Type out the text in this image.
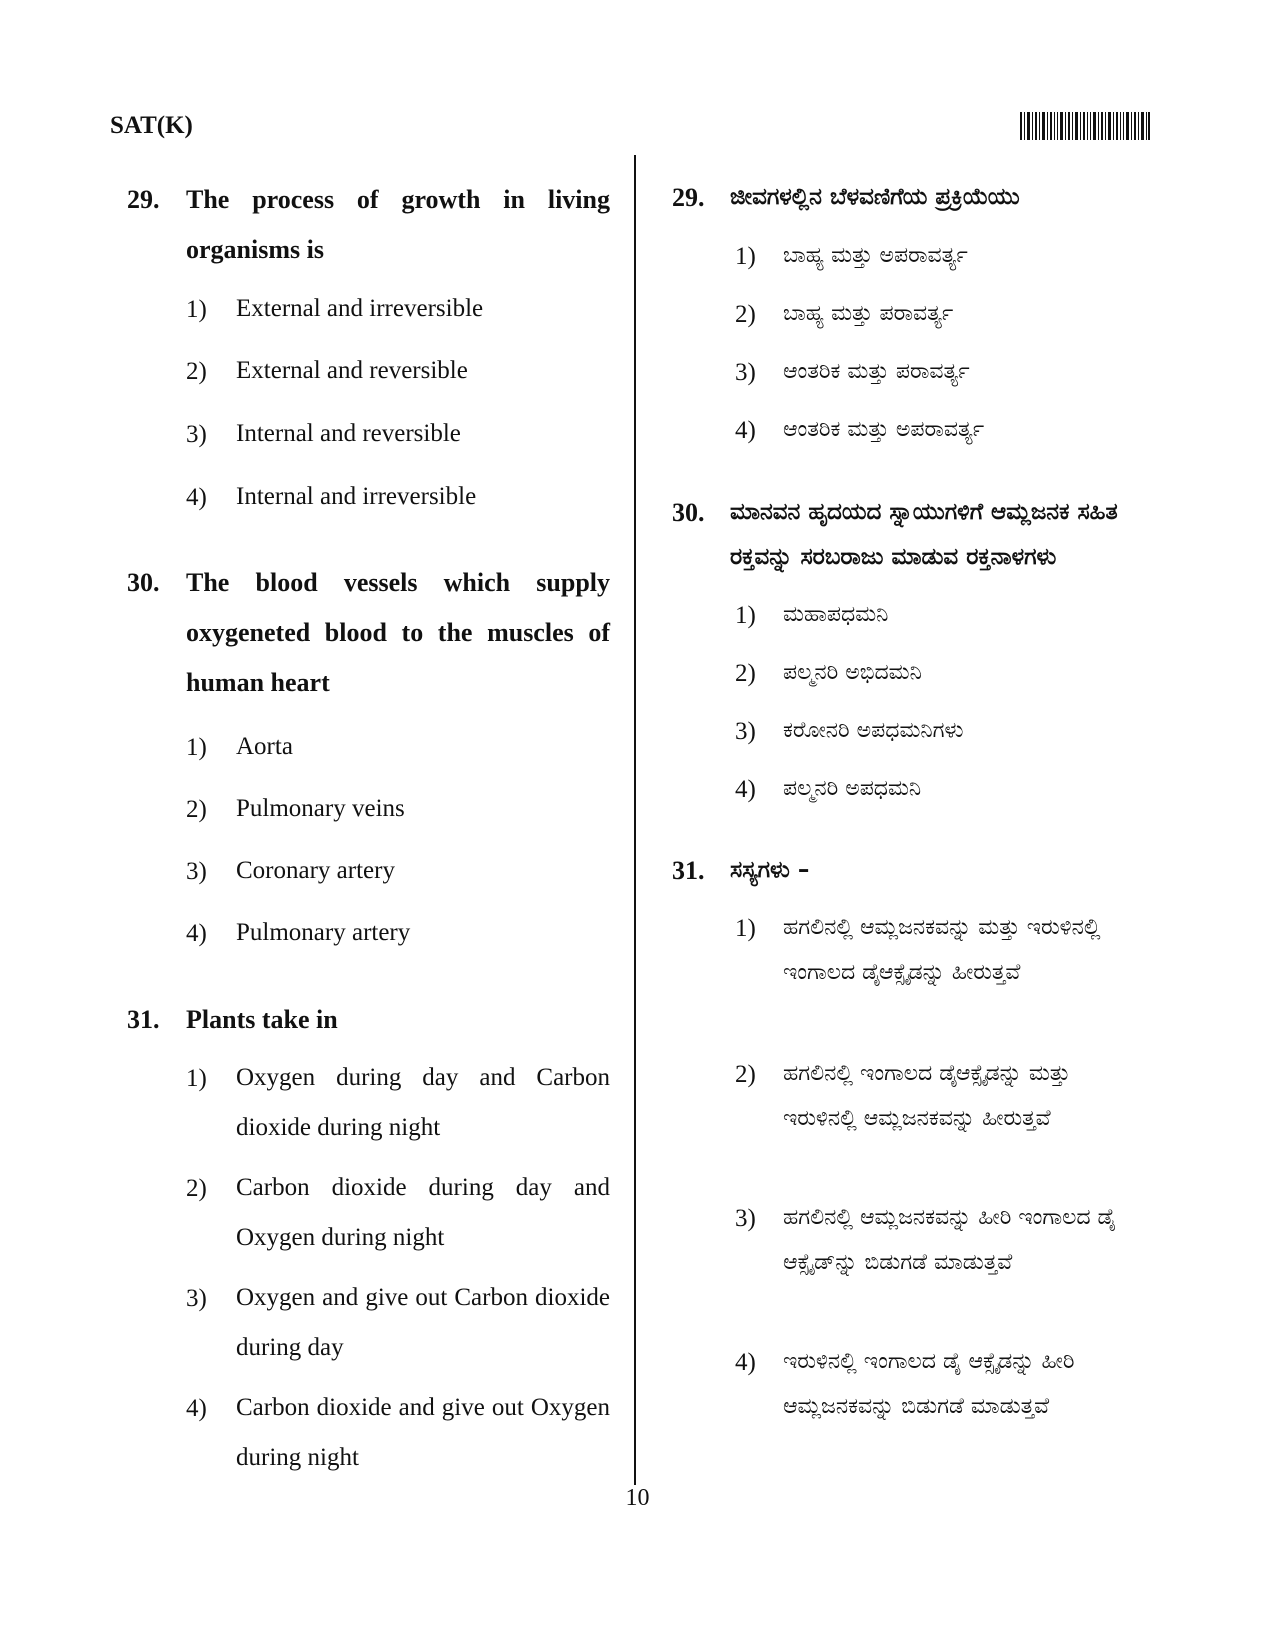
SAT(K)
29. The process of growth in living organisms is
1) External and irreversible
2) External and reversible
3) Internal and reversible
4) Internal and irreversible
30. The blood vessels which supply oxygeneted blood to the muscles of human heart
1) Aorta
2) Pulmonary veins
3) Coronary artery
4) Pulmonary artery
31. Plants take in
1) Oxygen during day and Carbon dioxide during night
2) Carbon dioxide during day and Oxygen during night
3) Oxygen and give out Carbon dioxide during day
4) Carbon dioxide and give out Oxygen during night
29. ಜೀವಗಳಲ್ಲಿನ ಬೆಳವಣಿಗೆಯ ಪ್ರಕ್ರಿಯೆಯು
1) ಬಾಹ್ಯ ಮತ್ತು ಅಪರಾವರ್ತ್ಯ
2) ಬಾಹ್ಯ ಮತ್ತು ಪರಾವರ್ತ್ಯ
3) ಆಂತರಿಕ ಮತ್ತು ಪರಾವರ್ತ್ಯ
4) ಆಂತರಿಕ ಮತ್ತು ಅಪರಾವರ್ತ್ಯ
30. ಮಾನವನ ಹೃದಯದ ಸ್ನಾಯುಗಳಿಗೆ ಆಮ್ಲಜನಕ ಸಹಿತ ರಕ್ತವನ್ನು ಸರಬರಾಜು ಮಾಡುವ ರಕ್ತನಾಳಗಳು
1) ಮಹಾಪಧಮನಿ
2) ಪಲ್ಮನರಿ ಅಭಿದಮನಿ
3) ಕರೋನರಿ ಅಪಧಮನಿಗಳು
4) ಪಲ್ಮನರಿ ಅಪಧಮನಿ
31. ಸಸ್ಯಗಳು –
1) ಹಗಲಿನಲ್ಲಿ ಆಮ್ಲಜನಕವನ್ನು ಮತ್ತು ಇರುಳಿನಲ್ಲಿ ಇಂಗಾಲದ ಡೈಆಕ್ಸೈಡನ್ನು ಹೀರುತ್ತವೆ
2) ಹಗಲಿನಲ್ಲಿ ಇಂಗಾಲದ ಡೈಆಕ್ಸೈಡನ್ನು ಮತ್ತು ಇರುಳಿನಲ್ಲಿ ಆಮ್ಲಜನಕವನ್ನು ಹೀರುತ್ತವೆ
3) ಹಗಲಿನಲ್ಲಿ ಆಮ್ಲಜನಕವನ್ನು ಹೀರಿ ಇಂಗಾಲದ ಡೈ ಆಕ್ಸೈಡ್‌ನ್ನು ಬಿಡುಗಡೆ ಮಾಡುತ್ತವೆ
4) ಇರುಳಿನಲ್ಲಿ ಇಂಗಾಲದ ಡೈ ಆಕ್ಸೈಡನ್ನು ಹೀರಿ ಆಮ್ಲಜನಕವನ್ನು ಬಿಡುಗಡೆ ಮಾಡುತ್ತವೆ
10
